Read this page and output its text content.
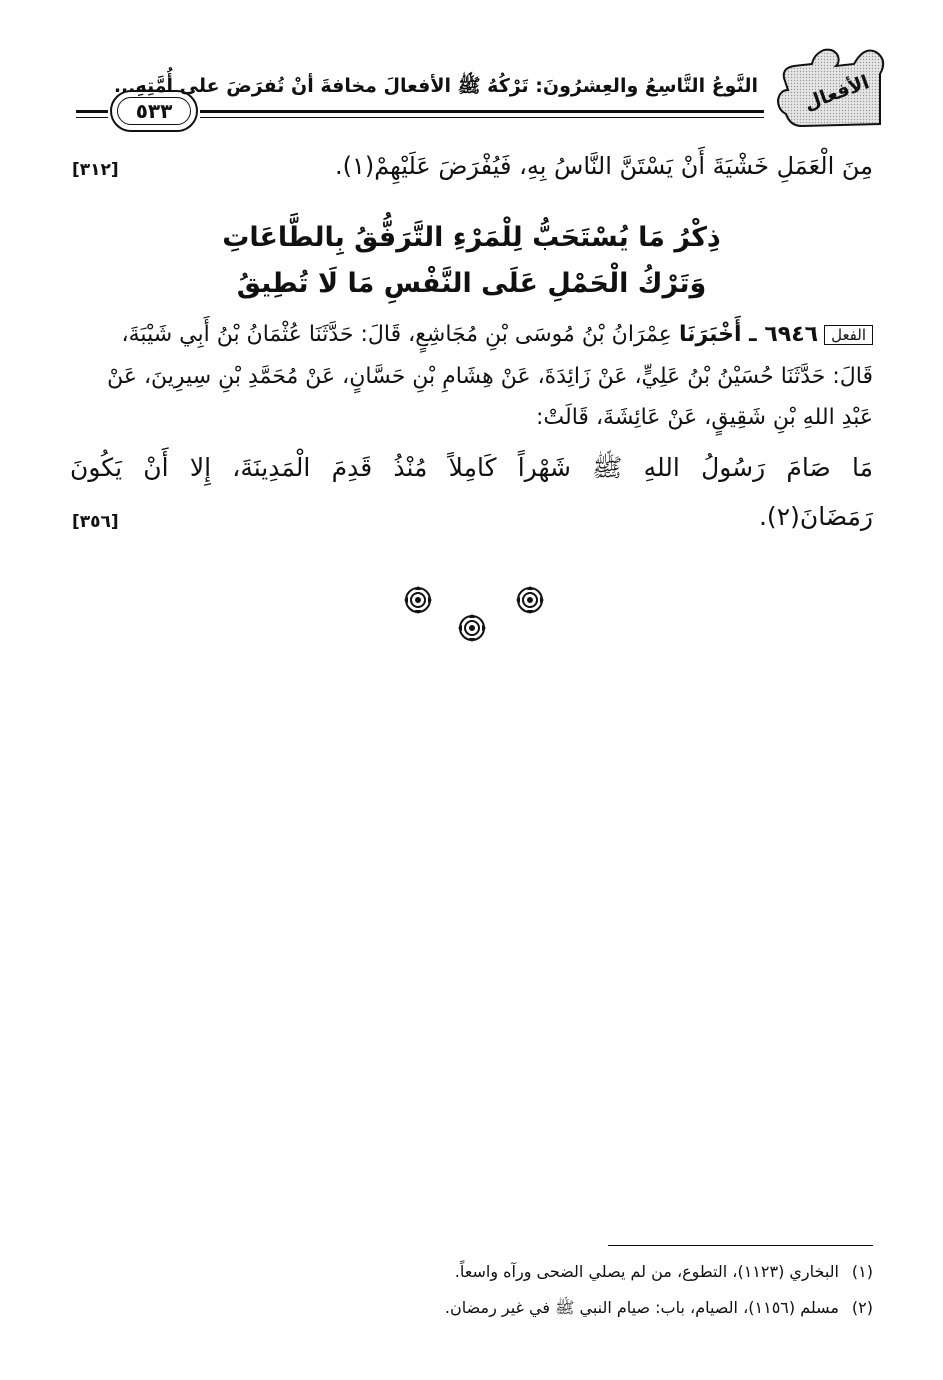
الأفعال
النَّوعُ التَّاسِعُ والعِشرُونَ: تَرْكُهُ ﷺ الأفعالَ مخافةَ أنْ تُفرَضَ على أُمَّتِهِ...
٥٣٣
مِنَ الْعَمَلِ خَشْيَةَ أَنْ يَسْتَنَّ النَّاسُ بِهِ، فَيُفْرَضَ عَلَيْهِمْ(١).
[٣١٢]
ذِكْرُ مَا يُسْتَحَبُّ لِلْمَرْءِ التَّرَفُّقُ بِالطَّاعَاتِ
وَتَرْكُ الْحَمْلِ عَلَى النَّفْسِ مَا لَا تُطِيقُ
الفعل٦٩٤٦ ـ أَخْبَرَنَا عِمْرَانُ بْنُ مُوسَى بْنِ مُجَاشِعٍ، قَالَ: حَدَّثَنَا عُثْمَانُ بْنُ أَبِي شَيْبَةَ،
قَالَ: حَدَّثَنَا حُسَيْنُ بْنُ عَلِيٍّ، عَنْ زَائِدَةَ، عَنْ هِشَامِ بْنِ حَسَّانٍ، عَنْ مُحَمَّدِ بْنِ سِيرِينَ، عَنْ
عَبْدِ اللهِ بْنِ شَقِيقٍ، عَنْ عَائِشَةَ، قَالَتْ:
مَا صَامَ رَسُولُ اللهِ ﷺ شَهْراً كَامِلاً مُنْذُ قَدِمَ الْمَدِينَةَ، إِلا أَنْ يَكُونَ
رَمَضَانَ(٢).
[٣٥٦]
(١)البخاري (١١٢٣)، التطوع، من لم يصلي الضحى ورآه واسعاً.
(٢)مسلم (١١٥٦)، الصيام، باب: صيام النبي ﷺ في غير رمضان.
